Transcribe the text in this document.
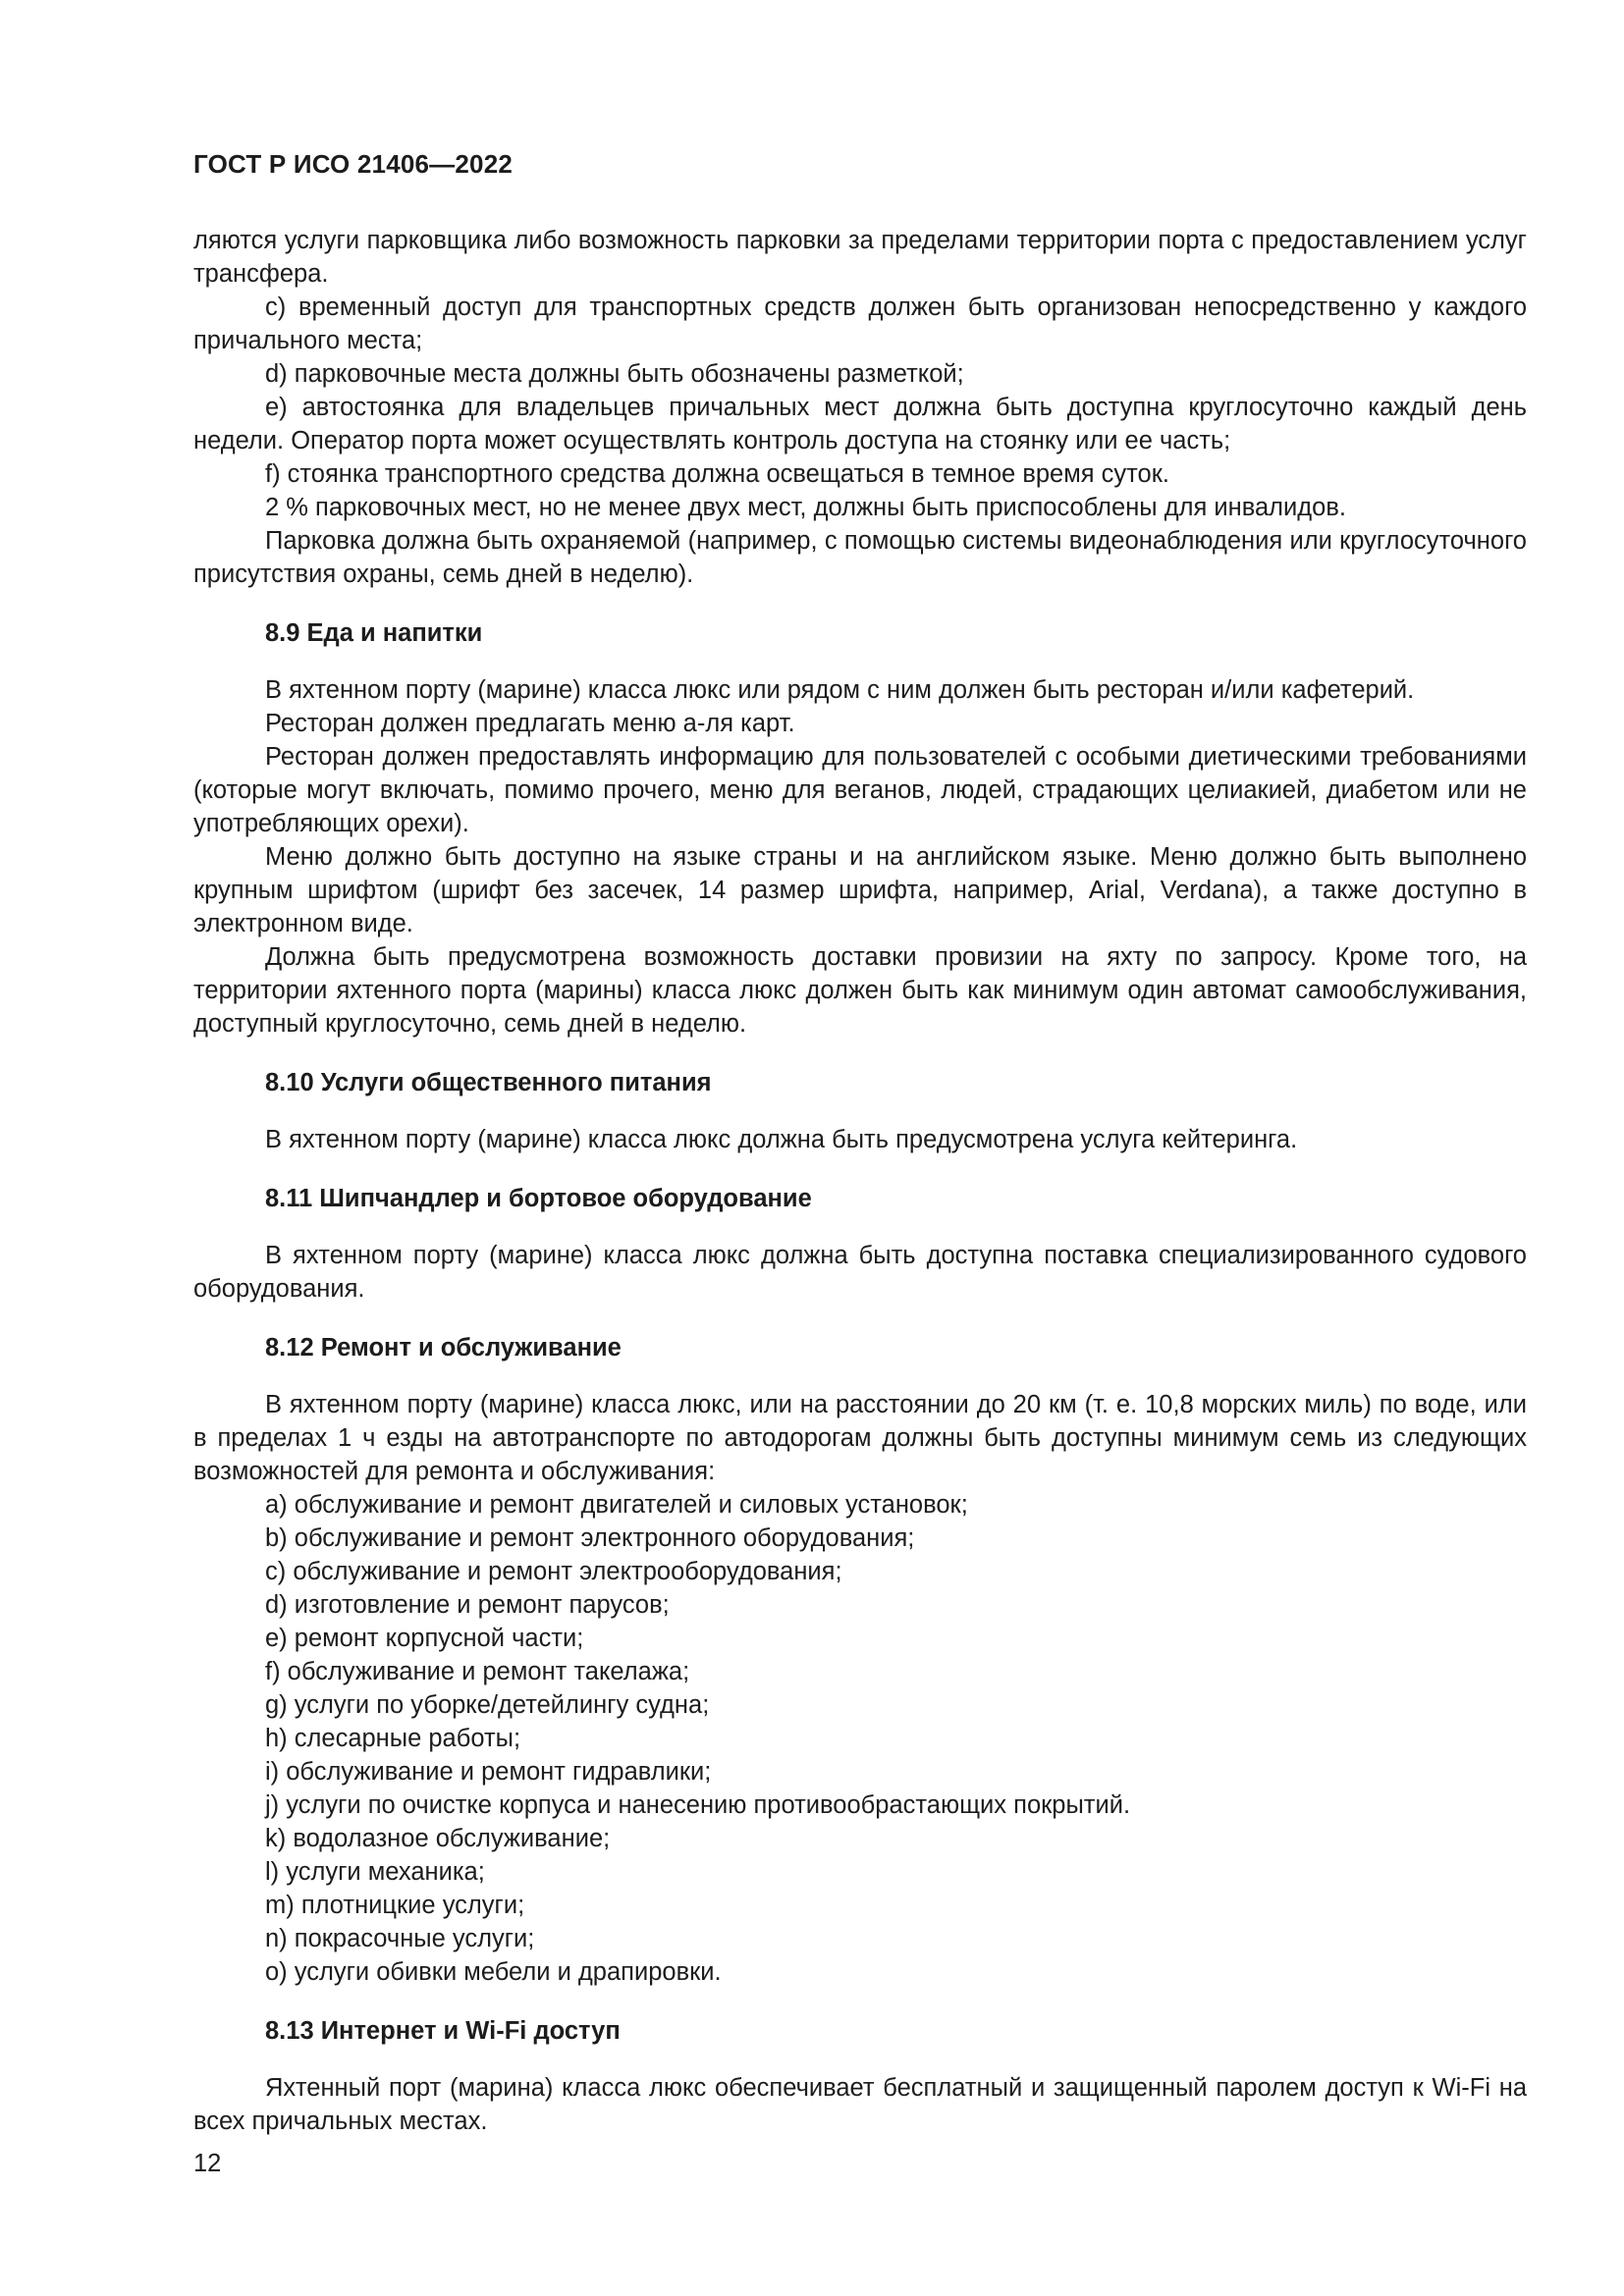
ГОСТ Р ИСО 21406—2022

ляются услуги парковщика либо возможность парковки за пределами территории порта с предоставлением услуг трансфера.

c) временный доступ для транспортных средств должен быть организован непосредственно у каждого причального места;

d) парковочные места должны быть обозначены разметкой;

e) автостоянка для владельцев причальных мест должна быть доступна круглосуточно каждый день недели. Оператор порта может осуществлять контроль доступа на стоянку или ее часть;

f) стоянка транспортного средства должна освещаться в темное время суток.

2 % парковочных мест, но не менее двух мест, должны быть приспособлены для инвалидов.

Парковка должна быть охраняемой (например, с помощью системы видеонаблюдения или круглосуточного присутствия охраны, семь дней в неделю).

8.9 Еда и напитки

В яхтенном порту (марине) класса люкс или рядом с ним должен быть ресторан и/или кафетерий.

Ресторан должен предлагать меню а-ля карт.

Ресторан должен предоставлять информацию для пользователей с особыми диетическими требованиями (которые могут включать, помимо прочего, меню для веганов, людей, страдающих целиакией, диабетом или не употребляющих орехи).

Меню должно быть доступно на языке страны и на английском языке. Меню должно быть выполнено крупным шрифтом (шрифт без засечек, 14 размер шрифта, например, Arial, Verdana), а также доступно в электронном виде.

Должна быть предусмотрена возможность доставки провизии на яхту по запросу. Кроме того, на территории яхтенного порта (марины) класса люкс должен быть как минимум один автомат самообслуживания, доступный круглосуточно, семь дней в неделю.

8.10 Услуги общественного питания

В яхтенном порту (марине) класса люкс должна быть предусмотрена услуга кейтеринга.

8.11 Шипчандлер и бортовое оборудование

В яхтенном порту (марине) класса люкс должна быть доступна поставка специализированного судового оборудования.

8.12 Ремонт и обслуживание

В яхтенном порту (марине) класса люкс, или на расстоянии до 20 км (т. е. 10,8 морских миль) по воде, или в пределах 1 ч езды на автотранспорте по автодорогам должны быть доступны минимум семь из следующих возможностей для ремонта и обслуживания:

a) обслуживание и ремонт двигателей и силовых установок;

b) обслуживание и ремонт электронного оборудования;

c) обслуживание и ремонт электрооборудования;

d) изготовление и ремонт парусов;

e) ремонт корпусной части;

f) обслуживание и ремонт такелажа;

g) услуги по уборке/детейлингу судна;

h) слесарные работы;

i) обслуживание и ремонт гидравлики;

j) услуги по очистке корпуса и нанесению противообрастающих покрытий.

k) водолазное обслуживание;

l) услуги механика;

m) плотницкие услуги;

n) покрасочные услуги;

o) услуги обивки мебели и драпировки.

8.13 Интернет и Wi-Fi доступ

Яхтенный порт (марина) класса люкс обеспечивает бесплатный и защищенный паролем доступ к Wi-Fi на всех причальных местах.

12
